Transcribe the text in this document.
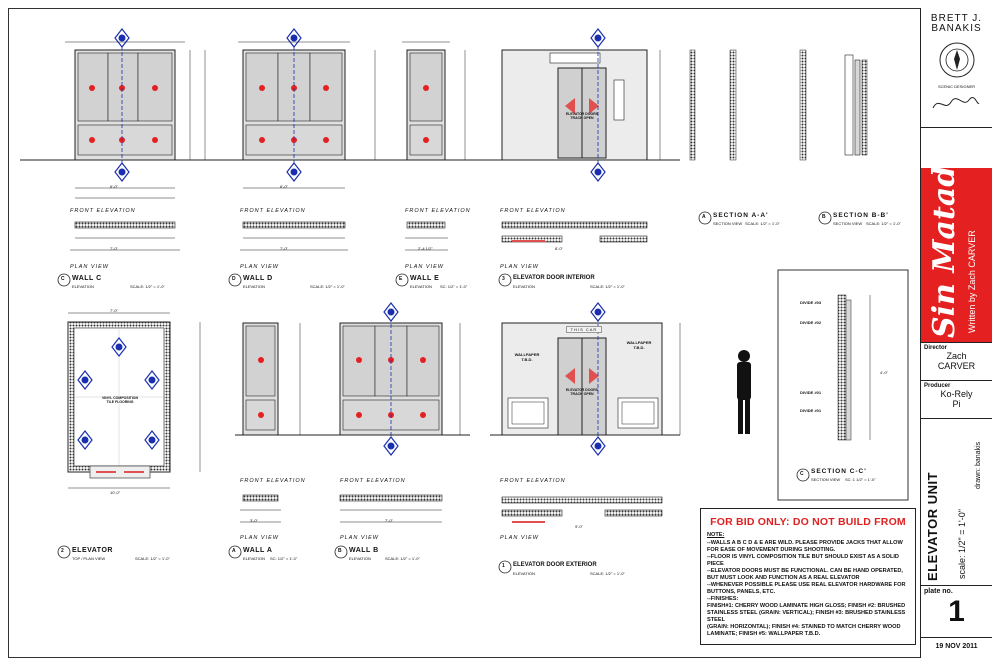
FRONT ELEVATION
PLAN VIEW
FRONT ELEVATION
PLAN VIEW
FRONT ELEVATION
PLAN VIEW
FRONT ELEVATION
PLAN VIEW
FRONT ELEVATION
PLAN VIEW
FRONT ELEVATION
PLAN VIEW
FRONT ELEVATION
PLAN VIEW
ELEVATOR DOORS TRACK OPEN
ELEVATOR DOORS TRACK OPEN
THIS CAR
WALLPAPER T.B.D.
WALLPAPER T.B.D.
VINYL COMPOSITION TILE FLOORING
DIVIDE #03
DIVIDE #02
DIVIDE #01
DIVIDE #01
7'-0"
6'-0"
7'-0"
6'-0"
2'-4 1/2"	8'-0"
7'-0"
10'-0"
3'-0"	7'-0"
9'-0"
4'-0"
WALL C
ELEVATION	SCALE: 1/2" = 1'-0"
WALL D
ELEVATION	SCALE: 1/2" = 1'-0"
WALL E
ELEVATION SC: 1/2" = 1'-0"
ELEVATOR DOOR INTERIOR
ELEVATION	SCALE: 1/2" = 1'-0"
ELEVATOR
TOP / PLAN VIEW	SCALE: 1/2" = 1'-0"
WALL A
ELEVATION SC: 1/2" = 1'-0"
WALL B
ELEVATION	SCALE: 1/2" = 1'-0"
ELEVATOR DOOR EXTERIOR
ELEVATION	SCALE: 1/2" = 1'-0"
SECTION A-A'
SECTION VIEW SCALE: 1/2" = 1'-0"
SECTION B-B'
SECTION VIEW SCALE: 1/2" = 1'-0"
SECTION C-C'
SECTION VIEW SC: 1 1/2" = 1'-0"
C	D	E	3
2	A	B
1
A	B
C
FOR BID ONLY: DO NOT BUILD FROM
NOTE:
--WALLS A B C D & E ARE WILD. PLEASE PROVIDE JACKS THAT ALLOW
FOR EASE OF MOVEMENT DURING SHOOTING.
--FLOOR IS VINYL COMPOSITION TILE BUT SHOULD EXIST AS A SOLID PIECE
--ELEVATOR DOORS MUST BE FUNCTIONAL. CAN BE HAND OPERATED,
BUT MUST LOOK AND FUNCTION AS A REAL ELEVATOR
--WHENEVER POSSIBLE PLEASE USE REAL ELEVATOR HARDWARE FOR
BUTTONS, PANELS, ETC.
--FINISHES:
FINISH#1: CHERRY WOOD LAMINATE HIGH GLOSS; FINISH #2: BRUSHED
STAINLESS STEEL (GRAIN: VERTICAL); FINISH #3: BRUSHED STAINLESS STEEL
(GRAIN: HORIZONTAL); FINISH #4: STAINED TO MATCH CHERRY WOOD
LAMINATE; FINISH #5: WALLPAPER T.B.D.
BRETT J.
BANAKIS
SCENIC DESIGNER
Sin Matador Written by Zach CARVER
Director
Zach
CARVER
Producer
Ko-Rely
Pi
ELEVATOR UNIT scale: 1/2" = 1'-0"
drawn: banakis
plate no.
1
19 NOV 2011
